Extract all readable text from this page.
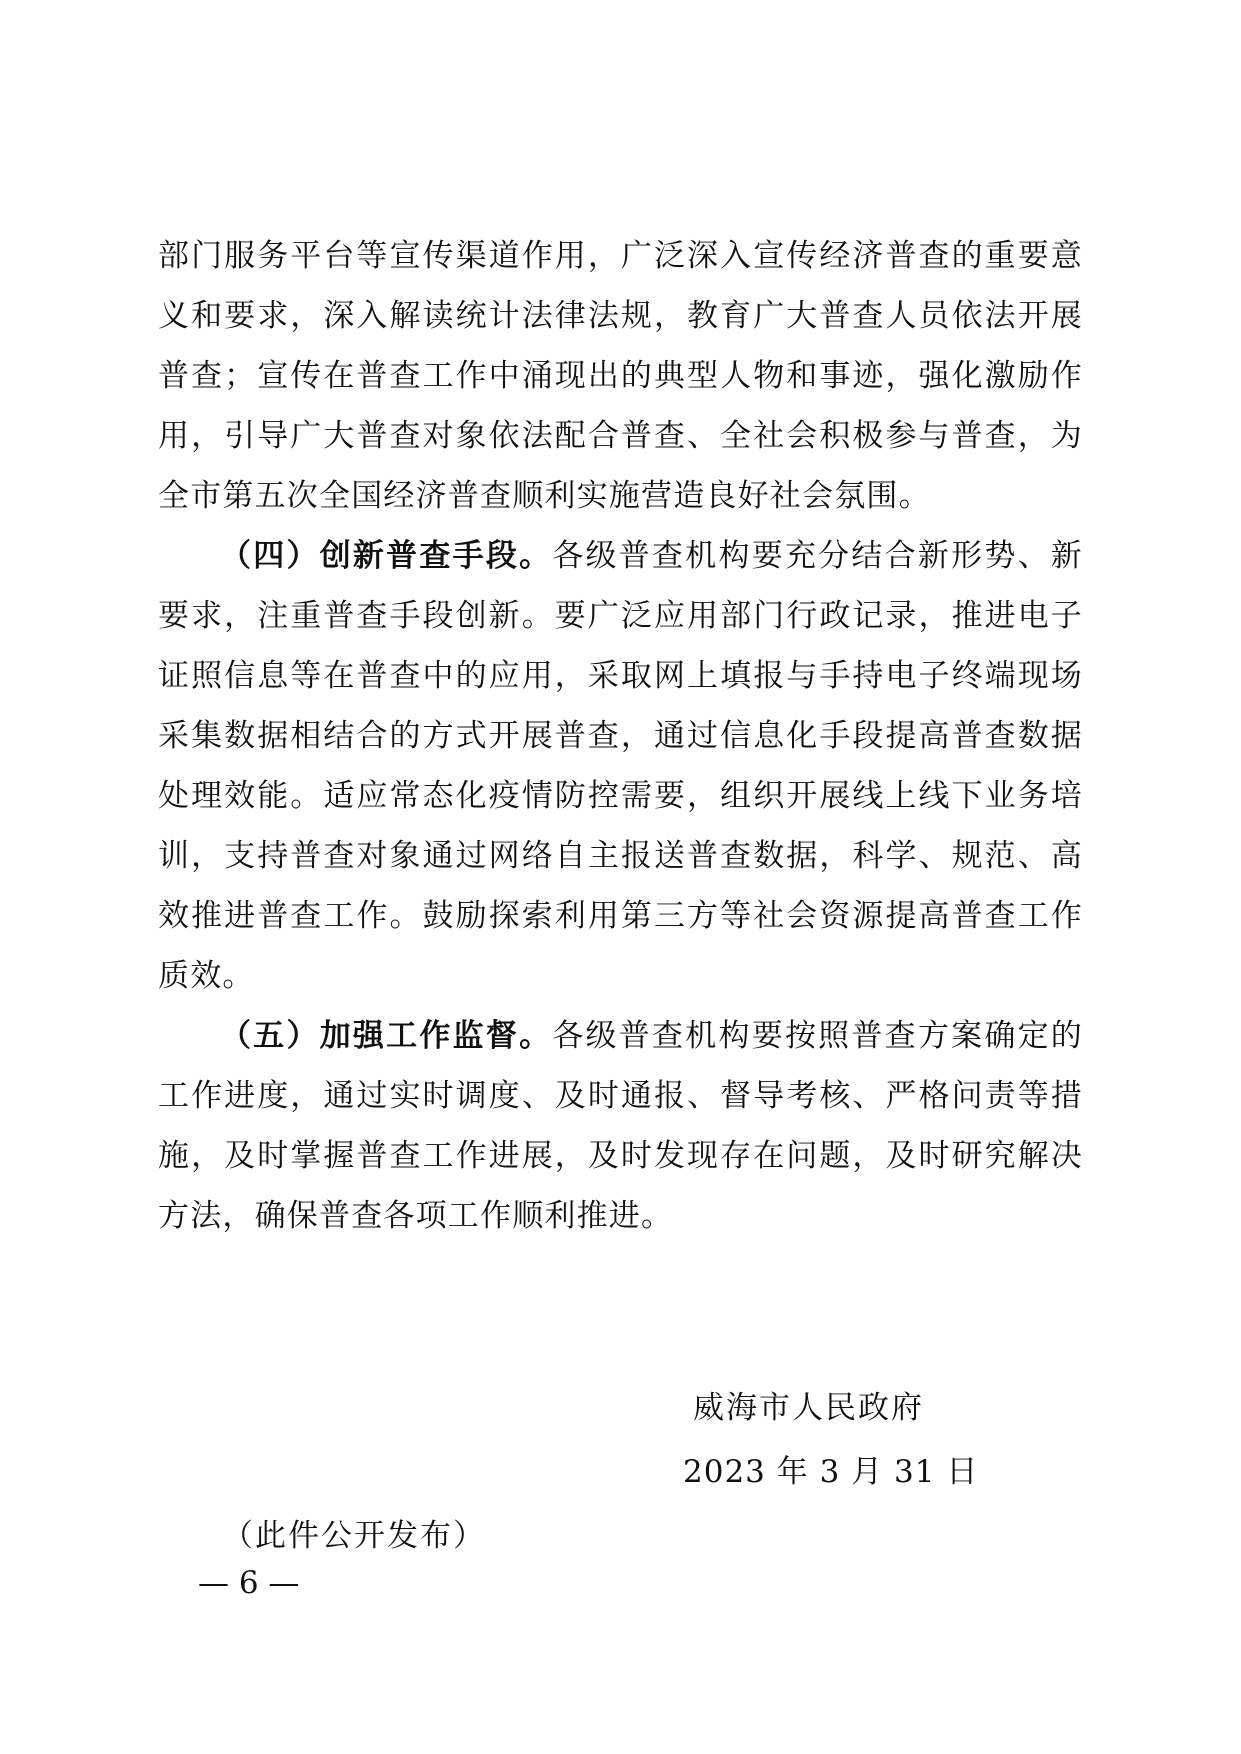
部门服务平台等宣传渠道作用，广泛深入宣传经济普查的重要意义和要求，深入解读统计法律法规，教育广大普查人员依法开展普查；宣传在普查工作中涌现出的典型人物和事迹，强化激励作用，引导广大普查对象依法配合普查、全社会积极参与普查，为全市第五次全国经济普查顺利实施营造良好社会氛围。

（四）创新普查手段。各级普查机构要充分结合新形势、新要求，注重普查手段创新。要广泛应用部门行政记录，推进电子证照信息等在普查中的应用，采取网上填报与手持电子终端现场采集数据相结合的方式开展普查，通过信息化手段提高普查数据处理效能。适应常态化疫情防控需要，组织开展线上线下业务培训，支持普查对象通过网络自主报送普查数据，科学、规范、高效推进普查工作。鼓励探索利用第三方等社会资源提高普查工作质效。

（五）加强工作监督。各级普查机构要按照普查方案确定的工作进度，通过实时调度、及时通报、督导考核、严格问责等措施，及时掌握普查工作进展，及时发现存在问题，及时研究解决方法，确保普查各项工作顺利推进。

威海市人民政府
2023 年 3 月 31 日
（此件公开发布）
— 6 —
